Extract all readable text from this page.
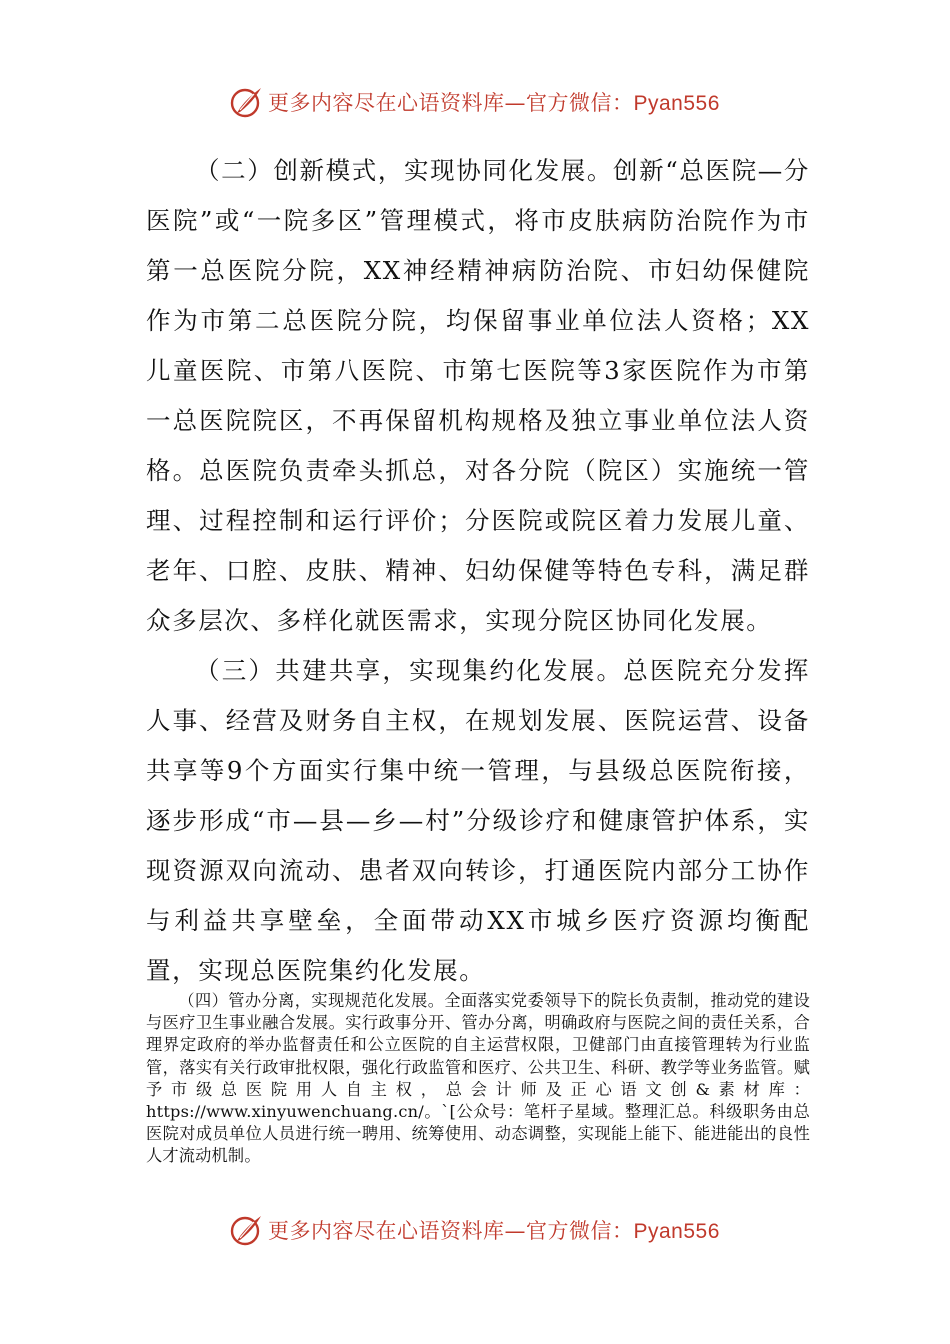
更多内容尽在心语资料库—官方微信：Pyan556

（二）创新模式，实现协同化发展。创新“总医院—分医院”或“一院多区”管理模式，将市皮肤病防治院作为市第一总医院分院，XX神经精神病防治院、市妇幼保健院作为市第二总医院分院，均保留事业单位法人资格；XX儿童医院、市第八医院、市第七医院等3家医院作为市第一总医院院区，不再保留机构规格及独立事业单位法人资格。总医院负责牵头抓总，对各分院（院区）实施统一管理、过程控制和运行评价；分医院或院区着力发展儿童、老年、口腔、皮肤、精神、妇幼保健等特色专科，满足群众多层次、多样化就医需求，实现分院区协同化发展。

（三）共建共享，实现集约化发展。总医院充分发挥人事、经营及财务自主权，在规划发展、医院运营、设备共享等9个方面实行集中统一管理，与县级总医院衔接，逐步形成“市—县—乡—村”分级诊疗和健康管护体系，实现资源双向流动、患者双向转诊，打通医院内部分工协作与利益共享壁垒，全面带动XX市城乡医疗资源均衡配置，实现总医院集约化发展。

（四）管办分离，实现规范化发展。全面落实党委领导下的院长负责制，推动党的建设与医疗卫生事业融合发展。实行政事分开、管办分离，明确政府与医院之间的责任关系，合理界定政府的举办监督责任和公立医院的自主运营权限，卫健部门由直接管理转为行业监管，落实有关行政审批权限，强化行政监管和医疗、公共卫生、科研、教学等业务监管。赋予市级总医院用人自主权，总会计师及正心语文创&素材库：https://www.xinyuwenchuang.cn/。`[公众号：笔杆子星域。整理汇总。科级职务由总医院对成员单位人员进行统一聘用、统筹使用、动态调整，实现能上能下、能进能出的良性人才流动机制。

更多内容尽在心语资料库—官方微信：Pyan556
